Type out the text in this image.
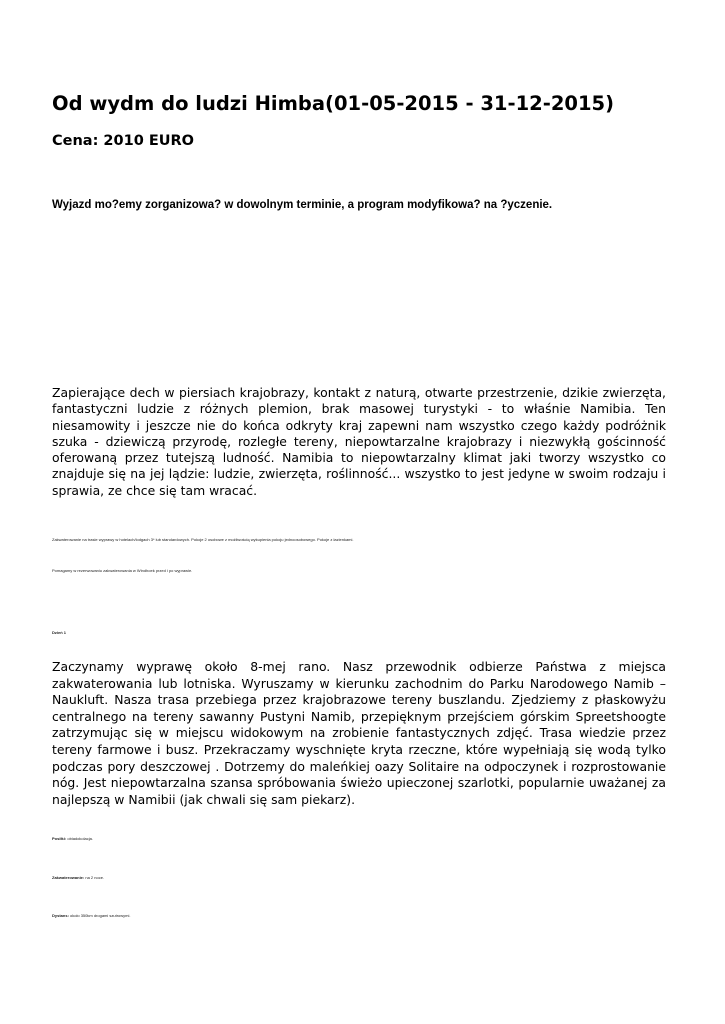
Od wydm do ludzi Himba(01-05-2015 - 31-12-2015)
Cena: 2010 EURO

Wyjazd mo?emy zorganizowa? w dowolnym terminie, a program modyfikowa? na ?yczenie.

Zapierające dech w piersiach krajobrazy, kontakt z naturą, otwarte przestrzenie, dzikie zwierzęta, fantastyczni ludzie z różnych plemion, brak masowej turystyki - to właśnie Namibia. Ten niesamowity i jeszcze nie do końca odkryty kraj zapewni nam wszystko czego każdy podróżnik szuka - dziewiczą przyrodę, rozległe tereny, niepowtarzalne krajobrazy i niezwykłą gościnność oferowaną przez tutejszą ludność. Namibia to niepowtarzalny klimat jaki tworzy wszystko co znajduje się na jej lądzie: ludzie, zwierzęta, roślinność... wszystko to jest jedyne w swoim rodzaju i sprawia, ze chce się tam wracać.

Zakwaterowanie na trasie wyprawy w hotelach/lodgach 3* lub standardowych. Pokoje 2 osobowe z możliwością wykupienia pokoju jednoosobowego. Pokoje z łazienkami.

Pomagamy w rezerwowaniu zakwaterowania w Windhoek przed i po wyprawie.

Dzień 1

Zaczynamy wyprawę około 8-mej rano. Nasz przewodnik odbierze Państwa z miejsca zakwaterowania lub lotniska. Wyruszamy w kierunku zachodnim do Parku Narodowego Namib – Naukluft. Nasza trasa przebiega przez krajobrazowe tereny buszlandu. Zjedziemy z płaskowyżu centralnego na tereny sawanny Pustyni Namib, przepięknym przejściem górskim Spreetshoogte zatrzymując się w miejscu widokowym na zrobienie fantastycznych zdjęć. Trasa wiedzie przez tereny farmowe i busz. Przekraczamy wyschnięte kryta rzeczne, które wypełniają się wodą tylko podczas pory deszczowej . Dotrzemy do maleńkiej oazy Solitaire na odpoczynek i rozprostowanie nóg. Jest niepowtarzalna szansa spróbowania świeżo upieczonej szarlotki, popularnie uważanej za najlepszą w Namibii (jak chwali się sam piekarz).

Posiłki: obiadokolacja.

Zakwaterowanie: na 2 noce.

Dystans: około 350km drogami szutrowymi.
